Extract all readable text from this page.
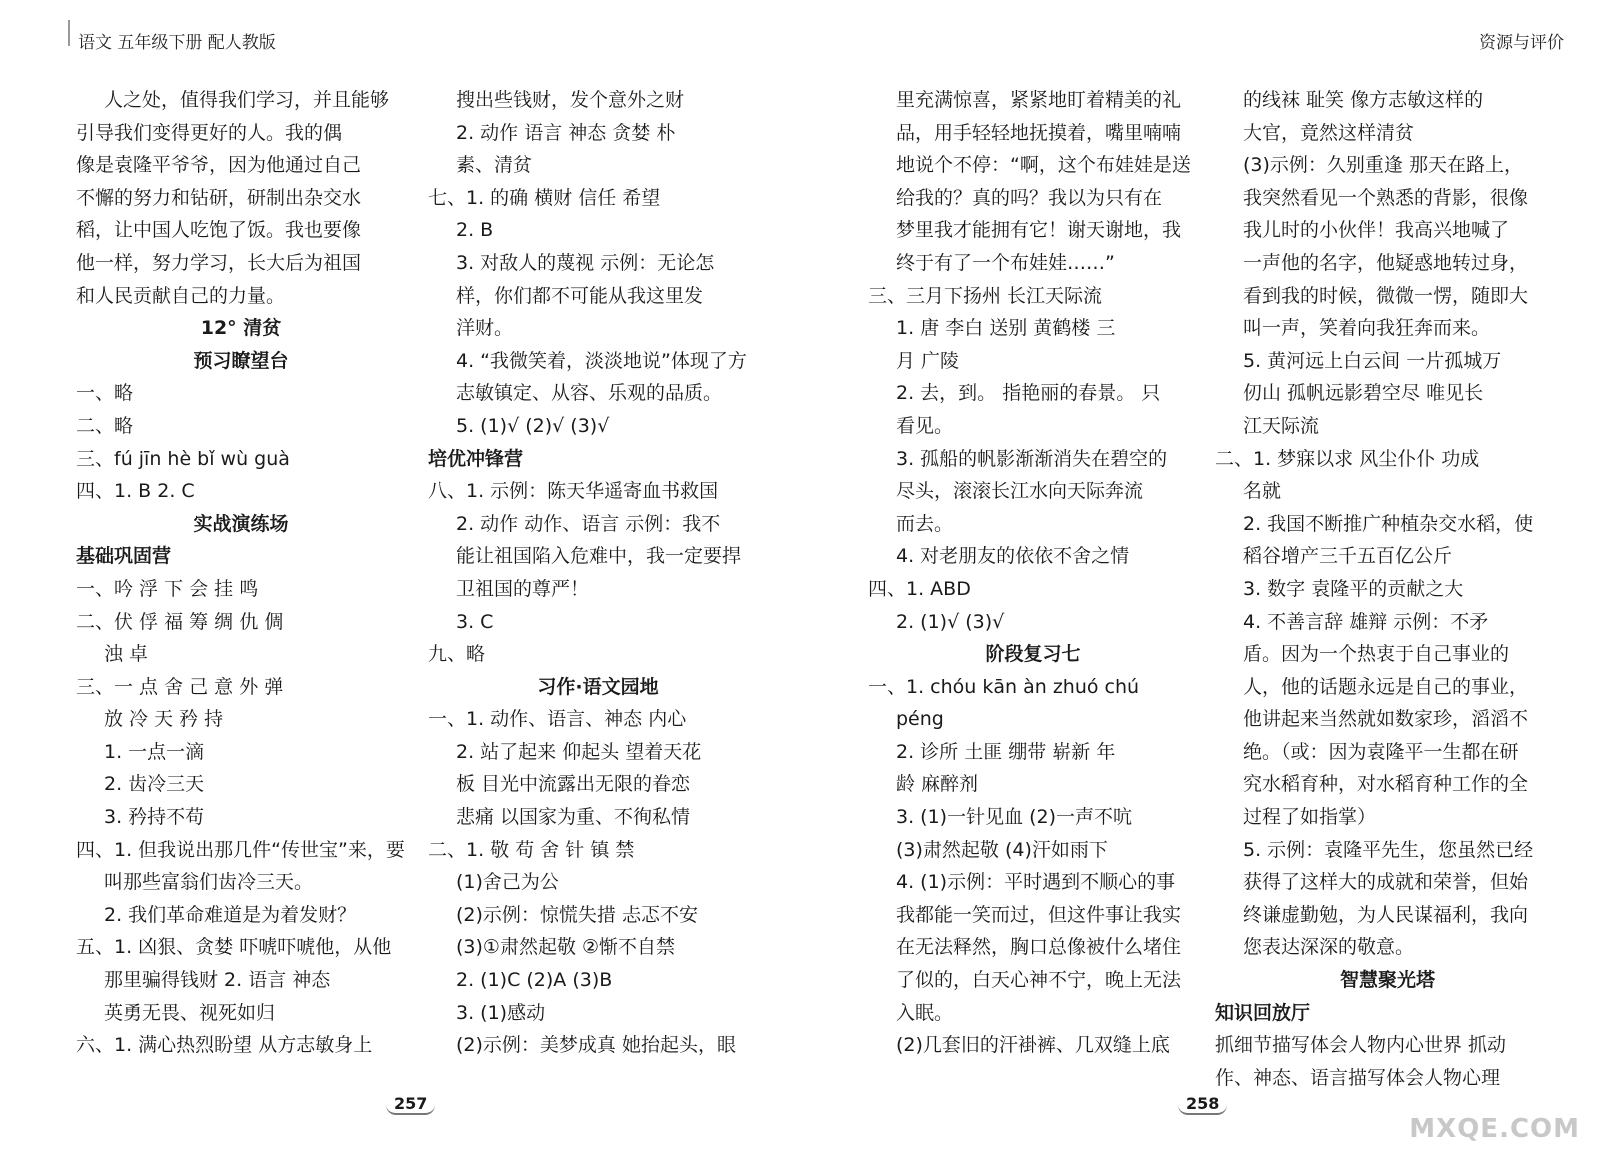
语文 五年级下册 配人教版	资源与评价
人之处，值得我们学习，并且能够
引导我们变得更好的人。我的偶
像是袁隆平爷爷，因为他通过自己
不懈的努力和钻研，研制出杂交水
稻，让中国人吃饱了饭。我也要像
他一样，努力学习，长大后为祖国
和人民贡献自己的力量。
12° 清贫
预习瞭望台
一、略
二、略
三、fú jīn hè bǐ wù guà
四、1. B 2. C
实战演练场
基础巩固营
一、吟 浮 下 会 挂 鸣
二、伏 俘 福 筹 绸 仇 倜
浊 卓
三、一 点 舍 己 意 外 弹
放 冷 天 矜 持
1. 一点一滴
2. 齿冷三天
3. 矜持不苟
四、1. 但我说出那几件“传世宝”来，要
叫那些富翁们齿冷三天。
2. 我们革命难道是为着发财？
五、1. 凶狠、贪婪 吓唬吓唬他，从他
那里骗得钱财 2. 语言 神态
英勇无畏、视死如归
六、1. 满心热烈盼望 从方志敏身上
搜出些钱财，发个意外之财
2. 动作 语言 神态 贪婪 朴
素、清贫
七、1. 的确 横财 信任 希望
2. B
3. 对敌人的蔑视 示例：无论怎
样，你们都不可能从我这里发
洋财。
4. “我微笑着，淡淡地说”体现了方
志敏镇定、从容、乐观的品质。
5. (1)√ (2)√ (3)√
培优冲锋营
八、1. 示例：陈天华遥寄血书救国
2. 动作 动作、语言 示例：我不
能让祖国陷入危难中，我一定要捍
卫祖国的尊严！
3. C
九、略
习作·语文园地
一、1. 动作、语言、神态 内心
2. 站了起来 仰起头 望着天花
板 目光中流露出无限的眷恋
悲痛 以国家为重、不徇私情
二、1. 敬 苟 舍 针 镇 禁
(1)舍己为公
(2)示例：惊慌失措 忐忑不安
(3)①肃然起敬 ②惭不自禁
2. (1)C (2)A (3)B
3. (1)感动
(2)示例：美梦成真 她抬起头，眼
里充满惊喜，紧紧地盯着精美的礼
品，用手轻轻地抚摸着，嘴里喃喃
地说个不停：“啊，这个布娃娃是送
给我的？真的吗？我以为只有在
梦里我才能拥有它！谢天谢地，我
终于有了一个布娃娃……”
三、三月下扬州 长江天际流
1. 唐 李白 送别 黄鹤楼 三
月 广陵
2. 去，到。 指艳丽的春景。 只
看见。
3. 孤船的帆影渐渐消失在碧空的
尽头，滚滚长江水向天际奔流
而去。
4. 对老朋友的依依不舍之情
四、1. ABD
2. (1)√ (3)√
阶段复习七
一、1. chóu kān àn zhuó chú
péng
2. 诊所 土匪 绷带 崭新 年
龄 麻醉剂
3. (1)一针见血 (2)一声不吭
(3)肃然起敬 (4)汗如雨下
4. (1)示例：平时遇到不顺心的事
我都能一笑而过，但这件事让我实
在无法释然，胸口总像被什么堵住
了似的，白天心神不宁，晚上无法
入眠。
(2)几套旧的汗褂裤、几双缝上底
的线袜 耻笑 像方志敏这样的
大官，竟然这样清贫
(3)示例：久别重逢 那天在路上，
我突然看见一个熟悉的背影，很像
我儿时的小伙伴！我高兴地喊了
一声他的名字，他疑惑地转过身，
看到我的时候，微微一愣，随即大
叫一声，笑着向我狂奔而来。
5. 黄河远上白云间 一片孤城万
仞山 孤帆远影碧空尽 唯见长
江天际流
二、1. 梦寐以求 风尘仆仆 功成
名就
2. 我国不断推广种植杂交水稻，使
稻谷增产三千五百亿公斤
3. 数字 袁隆平的贡献之大
4. 不善言辞 雄辩 示例：不矛
盾。因为一个热衷于自己事业的
人，他的话题永远是自己的事业，
他讲起来当然就如数家珍，滔滔不
绝。（或：因为袁隆平一生都在研
究水稻育种，对水稻育种工作的全
过程了如指掌）
5. 示例：袁隆平先生，您虽然已经
获得了这样大的成就和荣誉，但始
终谦虚勤勉，为人民谋福利，我向
您表达深深的敬意。
智慧聚光塔
知识回放厅
抓细节描写体会人物内心世界 抓动
作、神态、语言描写体会人物心理
257	258
MXQE.COM
